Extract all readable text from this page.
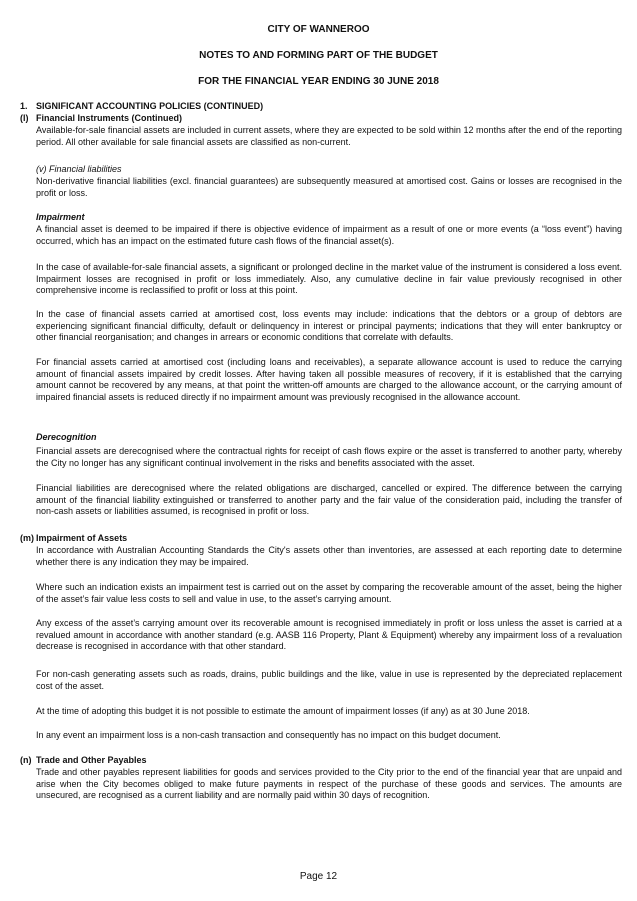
CITY OF WANNEROO
NOTES TO AND FORMING PART OF THE BUDGET
FOR THE FINANCIAL YEAR ENDING 30 JUNE 2018
1. SIGNIFICANT ACCOUNTING POLICIES (CONTINUED)
(l) Financial Instruments (Continued)

Available-for-sale financial assets are included in current assets, where they are expected to be sold within 12 months after the end of the reporting period. All other available for sale financial assets are classified as non-current.

(v) Financial liabilities

Non-derivative financial liabilities (excl. financial guarantees) are subsequently measured at amortised cost. Gains or losses are recognised in the profit or loss.

Impairment

A financial asset is deemed to be impaired if there is objective evidence of impairment as a result of one or more events (a “loss event”) having occurred, which has an impact on the estimated future cash flows of the financial asset(s).

In the case of available-for-sale financial assets, a significant or prolonged decline in the market value of the instrument is considered a loss event. Impairment losses are recognised in profit or loss immediately. Also, any cumulative decline in fair value previously recognised in other comprehensive income is reclassified to profit or loss at this point.

In the case of financial assets carried at amortised cost, loss events may include: indications that the debtors or a group of debtors are experiencing significant financial difficulty, default or delinquency in interest or principal payments; indications that they will enter bankruptcy or other financial reorganisation; and changes in arrears or economic conditions that correlate with defaults.

For financial assets carried at amortised cost (including loans and receivables), a separate allowance account is used to reduce the carrying amount of financial assets impaired by credit losses. After having taken all possible measures of recovery, if it is established that the carrying amount cannot be recovered by any means, at that point the written-off amounts are charged to the allowance account, or the carrying amount of impaired financial assets is reduced directly if no impairment amount was previously recognised in the allowance account.

Derecognition

Financial assets are derecognised where the contractual rights for receipt of cash flows expire or the asset is transferred to another party, whereby the City no longer has any significant continual involvement in the risks and benefits associated with the asset.

Financial liabilities are derecognised where the related obligations are discharged, cancelled or expired. The difference between the carrying amount of the financial liability extinguished or transferred to another party and the fair value of the consideration paid, including the transfer of non-cash assets or liabilities assumed, is recognised in profit or loss.

(m) Impairment of Assets

In accordance with Australian Accounting Standards the City's assets other than inventories, are assessed at each reporting date to determine whether there is any indication they may be impaired.

Where such an indication exists an impairment test is carried out on the asset by comparing the recoverable amount of the asset, being the higher of the asset’s fair value less costs to sell and value in use, to the asset’s carrying amount.

Any excess of the asset’s carrying amount over its recoverable amount is recognised immediately in profit or loss unless the asset is carried at a revalued amount in accordance with another standard (e.g. AASB 116 Property, Plant & Equipment) whereby any impairment loss of a revaluation decrease is recognised in accordance with that other standard.

For non-cash generating assets such as roads, drains, public buildings and the like, value in use is represented by the depreciated replacement cost of the asset.

At the time of adopting this budget it is not possible to estimate the amount of impairment losses (if any) as at 30 June 2018.

In any event an impairment loss is a non-cash transaction and consequently has no impact on this budget document.

(n) Trade and Other Payables

Trade and other payables represent liabilities for goods and services provided to the City prior to the end of the financial year that are unpaid and arise when the City becomes obliged to make future payments in respect of the purchase of these goods and services. The amounts are unsecured, are recognised as a current liability and are normally paid within 30 days of recognition.

Page 12
